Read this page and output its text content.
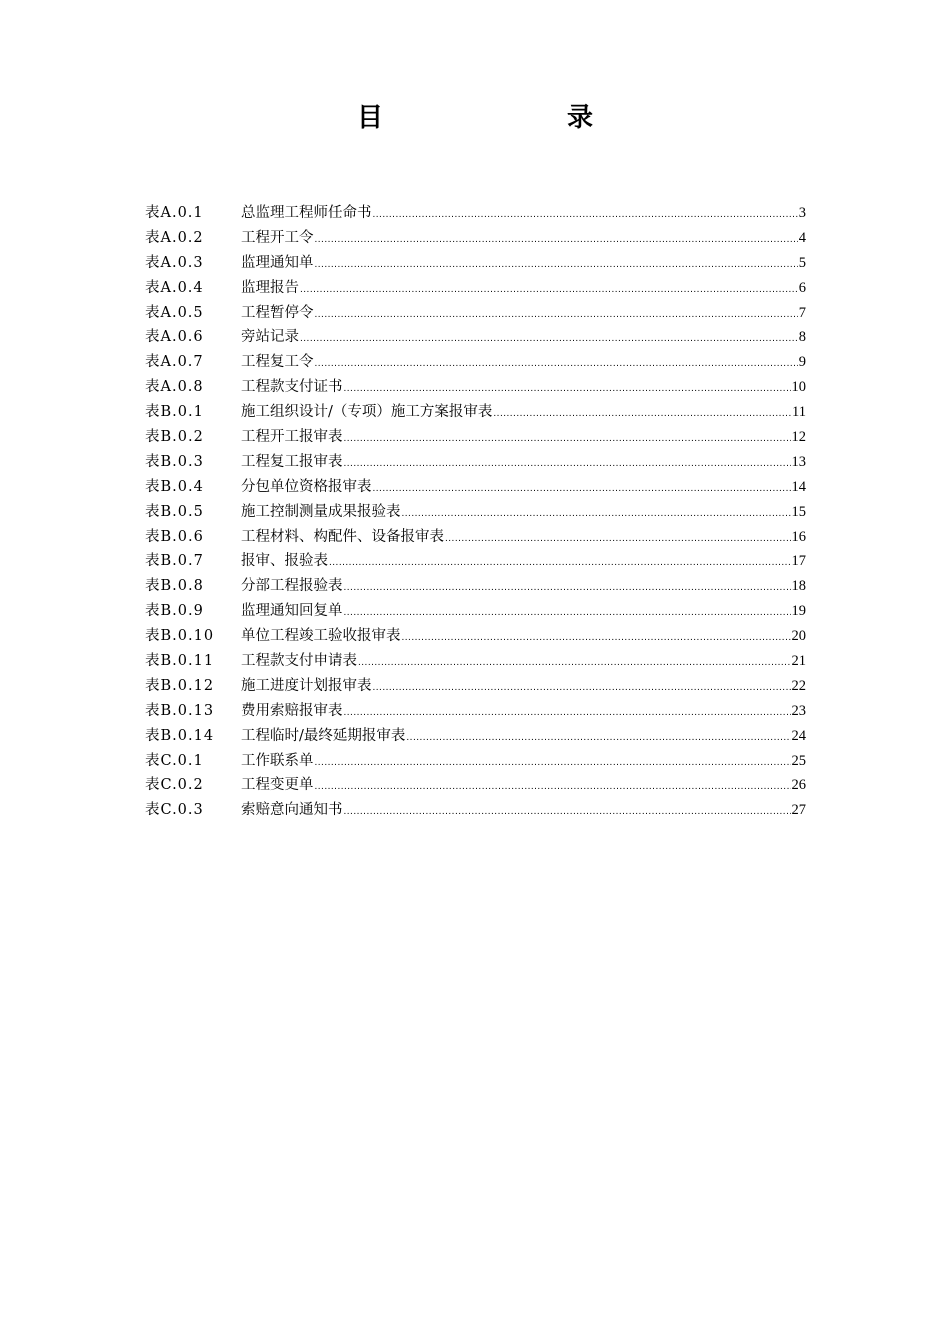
目　　录
表A.0.1	总监理工程师任命书 .....	3
表A.0.2	工程开工令 .....	4
表A.0.3	监理通知单 .....	5
表A.0.4	监理报告 .....	6
表A.0.5	工程暂停令 .....	7
表A.0.6	旁站记录 .....	8
表A.0.7	工程复工令 .....	9
表A.0.8	工程款支付证书 .....	10
表B.0.1	施工组织设计/（专项）施工方案报审表 .....	11
表B.0.2	工程开工报审表 .....	12
表B.0.3	工程复工报审表 .....	13
表B.0.4	分包单位资格报审表 .....	14
表B.0.5	施工控制测量成果报验表 .....	15
表B.0.6	工程材料、构配件、设备报审表 .....	16
表B.0.7	报审、报验表 .....	17
表B.0.8	分部工程报验表 .....	18
表B.0.9	监理通知回复单 .....	19
表B.0.10	单位工程竣工验收报审表 .....	20
表B.0.11	工程款支付申请表 .....	21
表B.0.12	施工进度计划报审表 .....	22
表B.0.13	费用索赔报审表 .....	23
表B.0.14	工程临时/最终延期报审表 .....	24
表C.0.1	工作联系单 .....	25
表C.0.2	工程变更单 .....	26
表C.0.3	索赔意向通知书 .....	27
